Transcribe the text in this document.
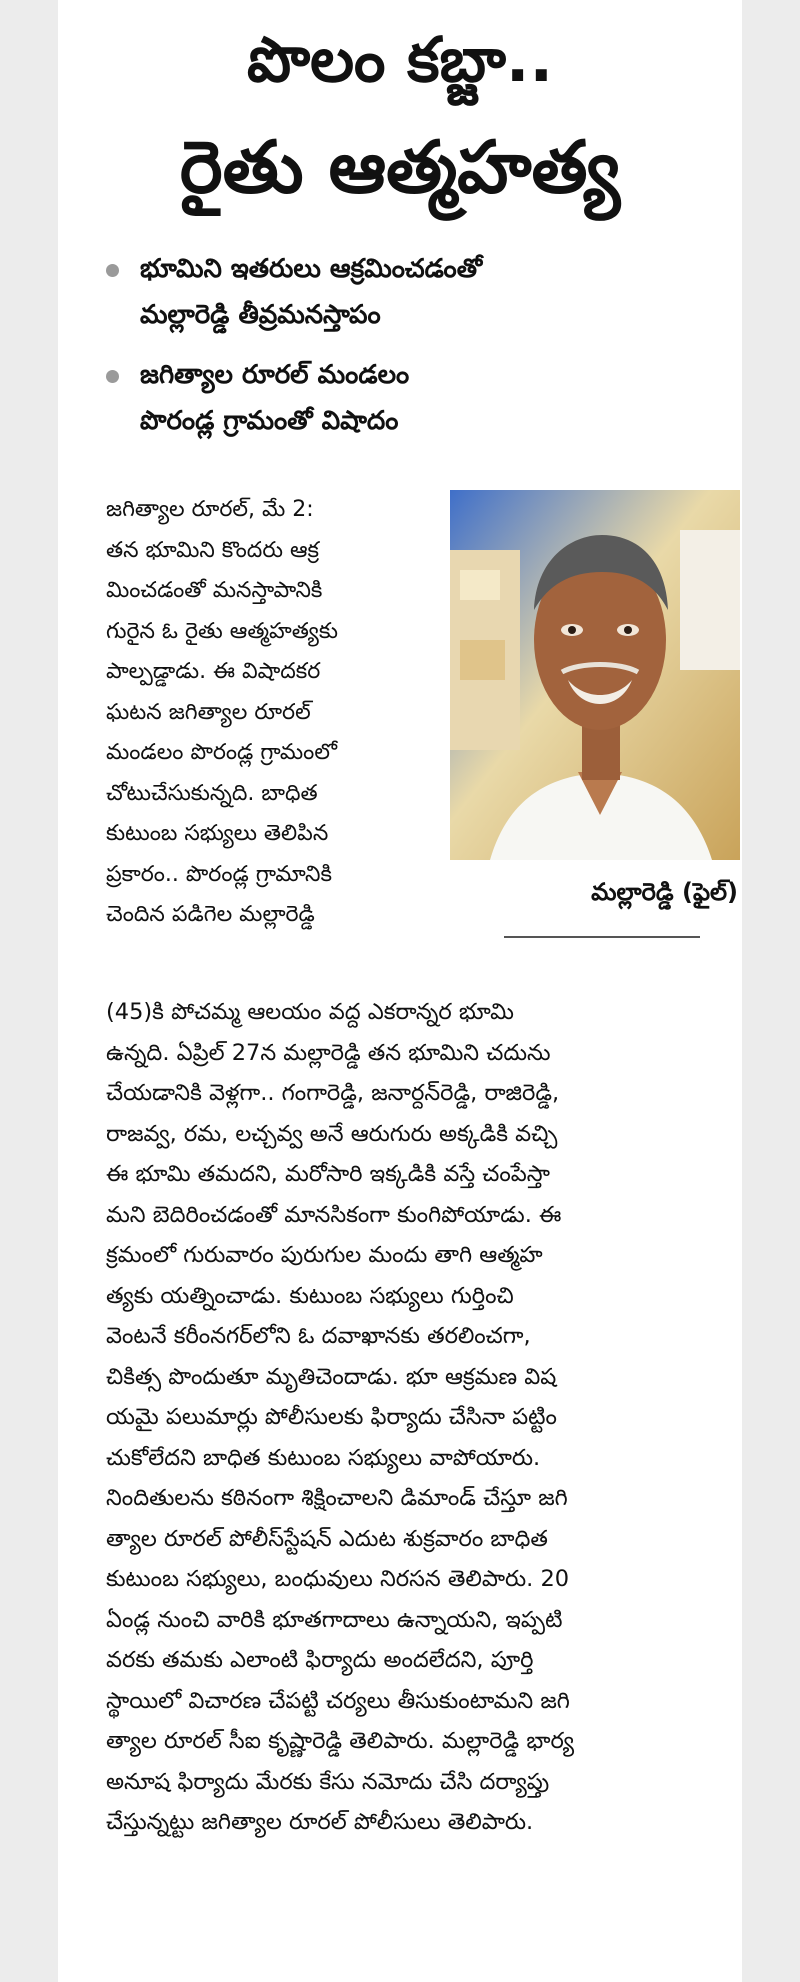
పొలం కబ్జా..
రైతు ఆత్మహత్య
భూమిని ఇతరులు ఆక్రమించడంతో
మల్లారెడ్డి తీవ్రమనస్తాపం
జగిత్యాల రూరల్ మండలం
పొరండ్ల గ్రామంతో విషాదం
మల్లారెడ్డి (ఫైల్)
జగిత్యాల రూరల్, మే 2:
తన భూమిని కొందరు ఆక్ర
మించడంతో మనస్తాపానికి
గురైన ఓ రైతు ఆత్మహత్యకు
పాల్పడ్డాడు. ఈ విషాదకర
ఘటన జగిత్యాల రూరల్
మండలం పొరండ్ల గ్రామంలో
చోటుచేసుకున్నది. బాధిత
కుటుంబ సభ్యులు తెలిపిన
ప్రకారం.. పొరండ్ల గ్రామానికి
చెందిన పడిగెల మల్లారెడ్డి
(45)కి పోచమ్మ ఆలయం వద్ద ఎకరాన్నర భూమి
ఉన్నది. ఏప్రిల్ 27న మల్లారెడ్డి తన భూమిని చదును
చేయడానికి వెళ్లగా.. గంగారెడ్డి, జనార్దన్‌రెడ్డి, రాజిరెడ్డి,
రాజవ్వ, రమ, లచ్చవ్వ అనే ఆరుగురు అక్కడికి వచ్చి
ఈ భూమి తమదని, మరోసారి ఇక్కడికి వస్తే చంపేస్తా
మని బెదిరించడంతో మానసికంగా కుంగిపోయాడు. ఈ
క్రమంలో గురువారం పురుగుల మందు తాగి ఆత్మహ
త్యకు యత్నించాడు. కుటుంబ సభ్యులు గుర్తించి
వెంటనే కరీంనగర్‌లోని ఓ దవాఖానకు తరలించగా,
చికిత్స పొందుతూ మృతిచెందాడు. భూ ఆక్రమణ విష
యమై పలుమార్లు పోలీసులకు ఫిర్యాదు చేసినా పట్టిం
చుకోలేదని బాధిత కుటుంబ సభ్యులు వాపోయారు.
నిందితులను కఠినంగా శిక్షించాలని డిమాండ్ చేస్తూ జగి
త్యాల రూరల్ పోలీస్‌స్టేషన్ ఎదుట శుక్రవారం బాధిత
కుటుంబ సభ్యులు, బంధువులు నిరసన తెలిపారు. 20
ఏండ్ల నుంచి వారికి భూతగాదాలు ఉన్నాయని, ఇప్పటి
వరకు తమకు ఎలాంటి ఫిర్యాదు అందలేదని, పూర్తి
స్థాయిలో విచారణ చేపట్టి చర్యలు తీసుకుంటామని జగి
త్యాల రూరల్ సీఐ కృష్ణారెడ్డి తెలిపారు. మల్లారెడ్డి భార్య
అనూష ఫిర్యాదు మేరకు కేసు నమోదు చేసి దర్యాప్తు
చేస్తున్నట్టు జగిత్యాల రూరల్ పోలీసులు తెలిపారు.
